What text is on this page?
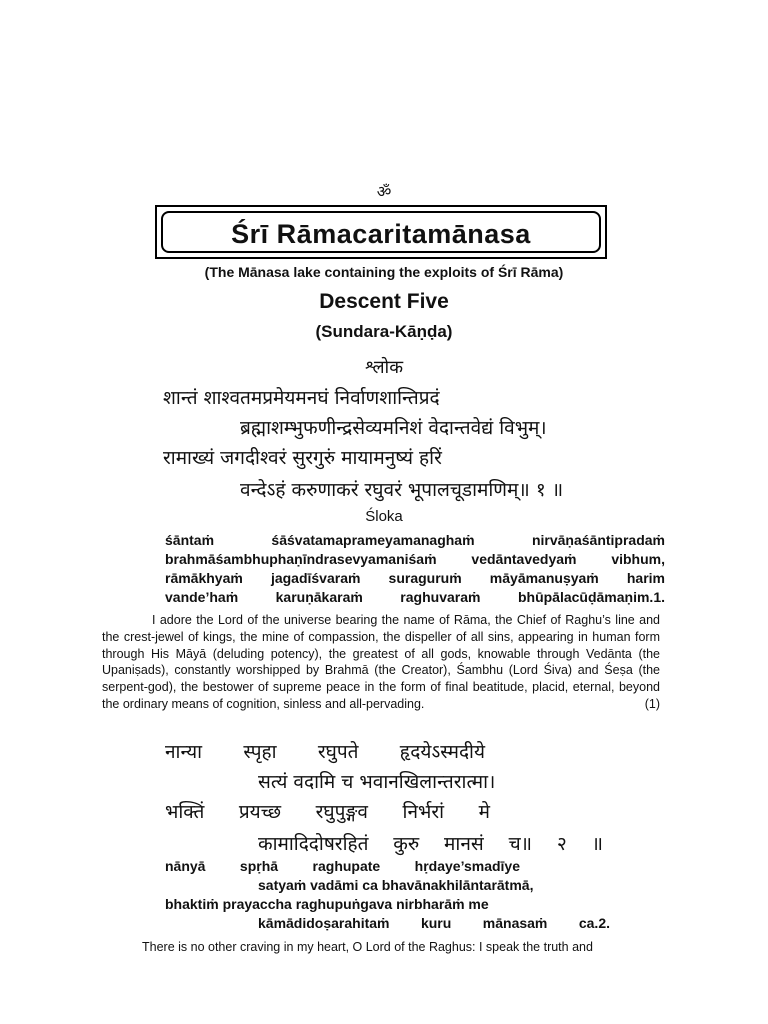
ॐ
Śrī Rāmacaritamānasa
(The Mānasa lake containing the exploits of Śrī Rāma)
Descent Five
(Sundara-Kāṇḍa)
श्लोक
शान्तं शाश्वतमप्रमेयमनघं निर्वाणशान्तिप्रदं
ब्रह्माशम्भुफणीन्द्रसेव्यमनिशं वेदान्तवेद्यं विभुम्।
रामाख्यं जगदीश्वरं सुरगुरुं मायामनुष्यं हरिं
वन्देऽहं करुणाकरं रघुवरं भूपालचूडामणिम्॥ १ ॥
Śloka
śāntaṁ śāśvatamaprameyamanaghaṁ nirvāṇaśāntipradaṁ
brahmāśambhuphaṇīndrasevyamaniśaṁ vedāntavedyaṁ vibhum,
rāmākhyaṁ jagadīśvaraṁ suraguruṁ māyāmanuṣyaṁ harim
vande’haṁ karuṇākaraṁ raghuvaraṁ bhūpālacūḍāmaṇim.1.

I adore the Lord of the universe bearing the name of Rāma, the Chief of Raghu’s line and the crest-jewel of kings, the mine of compassion, the dispeller of all sins, appearing in human form through His Māyā (deluding potency), the greatest of all gods, knowable through Vedānta (the Upaniṣads), constantly worshipped by Brahmā (the Creator), Śambhu (Lord Śiva) and Śeṣa (the serpent-god), the bestower of supreme peace in the form of final beatitude, placid, eternal, beyond the ordinary means of cognition, sinless and all-pervading.	(1)

नान्या स्पृहा रघुपते हृदयेऽस्मदीये
सत्यं वदामि च भवानखिलान्तरात्मा।
भक्तिं प्रयच्छ रघुपुङ्गव निर्भरां मे
कामादिदोषरहितं कुरु मानसं च॥ २ ॥
nānyā spṛhā raghupate hṛdaye’smadīye
satyaṁ vadāmi ca bhavānakhilāntarātmā,
bhaktiṁ prayaccha raghupuṅgava nirbharāṁ me
kāmādidoṣarahitaṁ kuru mānasaṁ ca.2.
There is no other craving in my heart, O Lord of the Raghus: I speak the truth and
